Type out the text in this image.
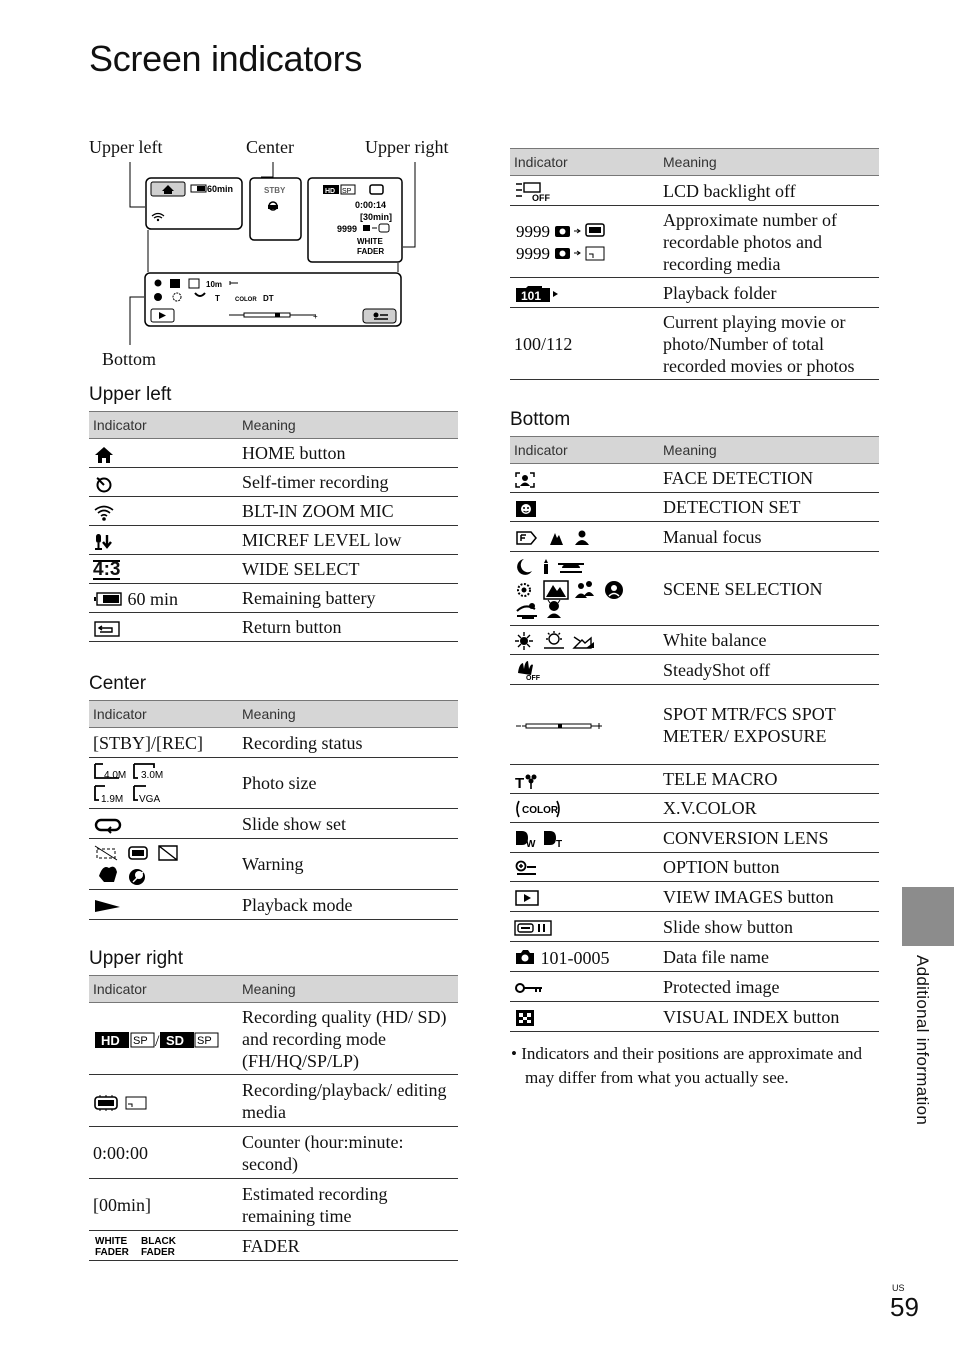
Screen indicators
Upper left	Center	Upper right
Bottom
60min	STBY	HD SP
0:00:14
[30min]
9999
WHITE
FADER
10m
T	COLOR DT
+
Upper left
Indicator	Meaning
	HOME button
	Self-timer recording
	BLT-IN ZOOM MIC
	MICREF LEVEL low
4:3	WIDE SELECT
60 min	Remaining battery
	Return button
Center
Indicator	Meaning
[STBY]/[REC]	Recording status

4.0M 3.0M
1.9M VGA	Photo size
	Slide show set
	Warning
	Playback mode
Upper right
Indicator	Meaning

HD SP / SD SP	Recording quality (HD/ SD) and recording mode (FH/HQ/SP/LP)
	Recording/playback/ editing media
0:00:00	Counter (hour:minute: second)
[00min]	Estimated recording remaining time

WHITE BLACK
FADER FADER	FADER
Indicator	Meaning

OFF	LCD backlight off

9999
9999	Approximate number of recordable photos and recording media

101	Playback folder
100/112	Current playing movie or photo/Number of total recorded movies or photos
Bottom
Indicator	Meaning
	FACE DETECTION
	DETECTION SET
	Manual focus
	SCENE SELECTION
	White balance

OFF	SteadyShot off
	SPOT MTR/FCS SPOT METER/ EXPOSURE

T	TELE MACRO

COLOR	X.V.COLOR

W T	CONVERSION LENS
	OPTION button
	VIEW IMAGES button
	Slide show button
101-0005	Data file name
	Protected image
	VISUAL INDEX button
• Indicators and their positions are approximate and may differ from what you actually see.	Additional information
US
59
